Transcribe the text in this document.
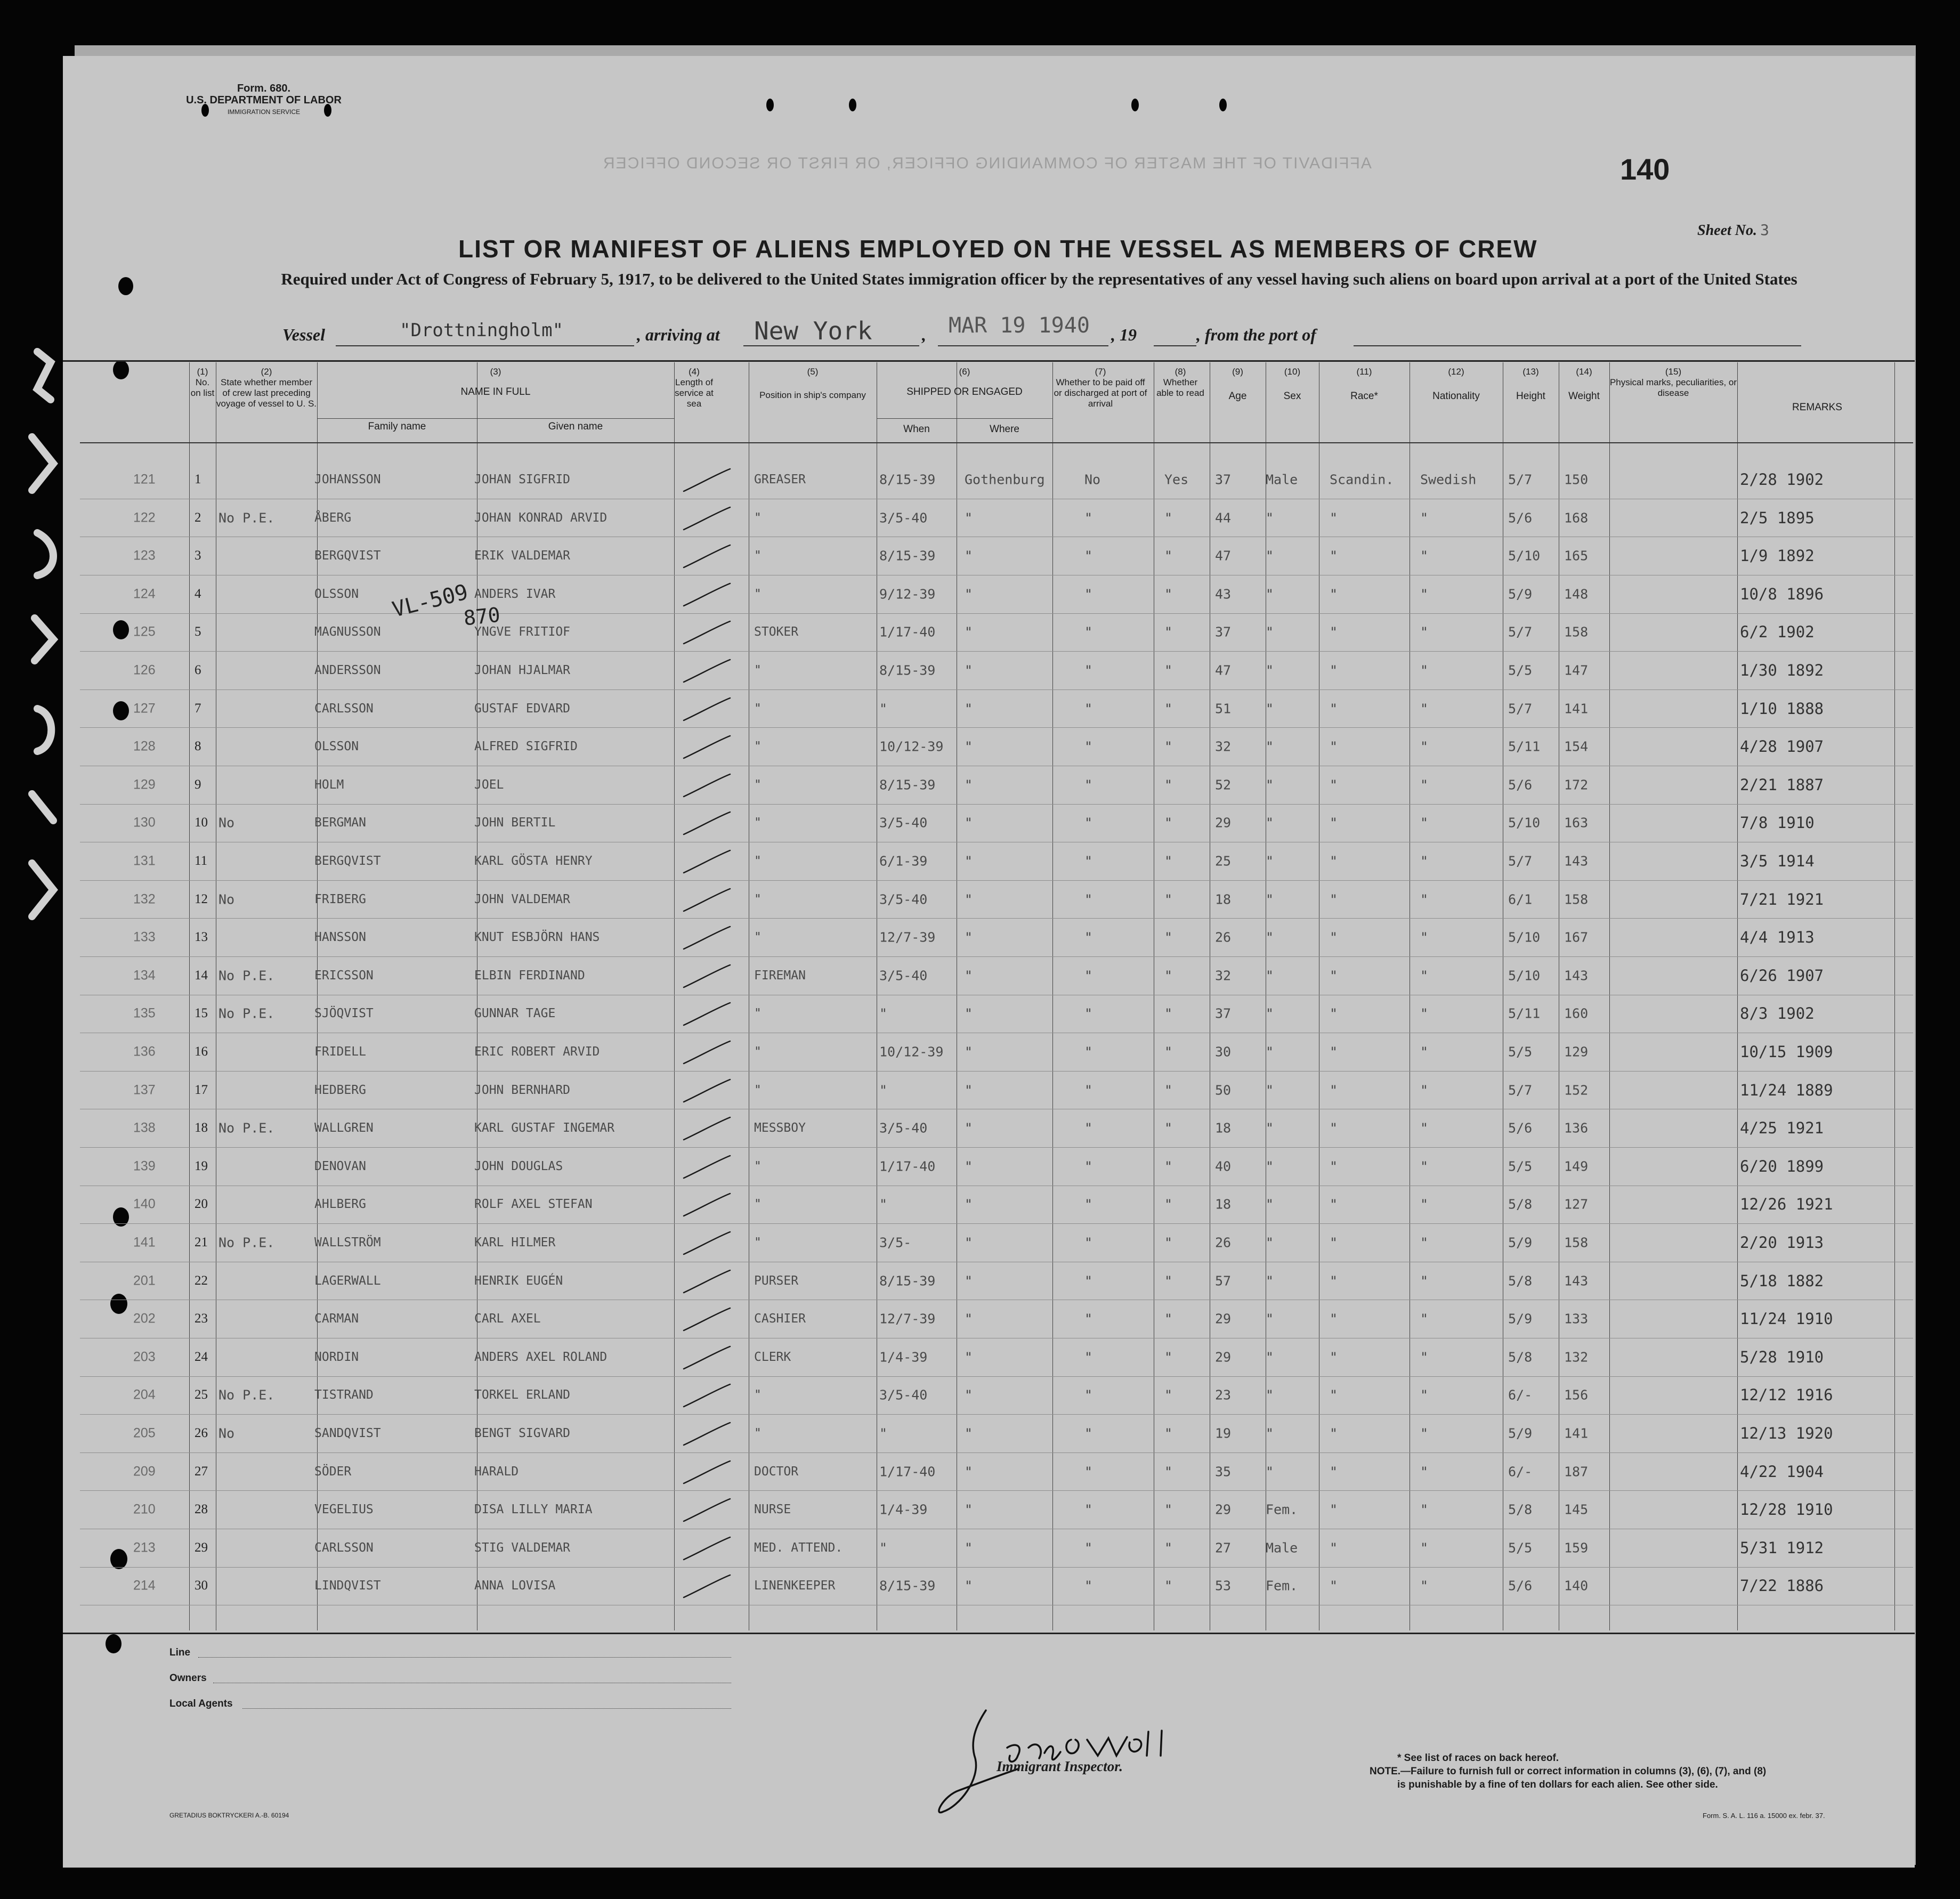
Form. 680.
U.S. DEPARTMENT OF LABOR
IMMIGRATION SERVICE
AFFIDAVIT OF THE MASTER OF COMMANDING OFFICER, OR FIRST OR SECOND OFFICER	140
Sheet No. 3
LIST OR MANIFEST OF ALIENS EMPLOYED ON THE VESSEL AS MEMBERS OF CREW
Required under Act of Congress of February 5, 1917, to be delivered to the United States immigration officer by the representatives of any vessel having such aliens on board upon arrival at a port of the United States
Vessel	"Drottningholm"	, arriving at New York	, MAR 19 1940 , 19	, from the port of
(1)
No. on list
(2)
State whether member of crew last preceding voyage of vessel to U. S.
(3)
NAME IN FULL
Family name	Given name
(4)
Length of service at sea
(5)
Position in ship's company
(6)
SHIPPED OR ENGAGED
When	Where
(7)
Whether to be paid off or discharged at port of arrival
(8)
Whether able to read
(9)
Age
(10)
Sex
(11)
Race*
(12)
Nationality
(13)
Height
(14)
Weight
(15)
Physical marks, peculiarities, or disease
REMARKS
121	1	JOHANSSON	JOHAN SIGFRID	GREASER	8/15-39 Gothenburg	No	Yes 37	Male Scandin. Swedish 5/7 150	2/28 1902
122	2 No P.E.	ÅBERG	JOHAN KONRAD ARVID	"	3/5-40	"	"	"	44	"	"	"	5/6 168	2/5 1895
123	3	BERGQVIST	ERIK VALDEMAR	"	8/15-39 "	"	"	47	"	"	"	5/10 165	1/9 1892
124	4	OLSSON	ANDERS IVAR	"	9/12-39 "	"	"	43	"	"	"	5/9 148	10/8 1896
125	5	MAGNUSSON	YNGVE FRITIOF	STOKER	1/17-40 "	"	"	37	"	"	"	5/7 158	6/2 1902
126	6	ANDERSSON	JOHAN HJALMAR	"	8/15-39 "	"	"	47	"	"	"	5/5 147	1/30 1892
127	7	CARLSSON	GUSTAF EDVARD	"	"	"	"	"	51	"	"	"	5/7 141	1/10 1888
128	8	OLSSON	ALFRED SIGFRID	"	10/12-39 "	"	"	32	"	"	"	5/11 154	4/28 1907
129	9	HOLM	JOEL	"	8/15-39 "	"	"	52	"	"	"	5/6 172	2/21 1887
130	10 No	BERGMAN	JOHN BERTIL	"	3/5-40	"	"	"	29	"	"	"	5/10 163	7/8 1910
131	11	BERGQVIST	KARL GÖSTA HENRY	"	6/1-39	"	"	"	25	"	"	"	5/7 143	3/5 1914
132	12 No	FRIBERG	JOHN VALDEMAR	"	3/5-40	"	"	"	18	"	"	"	6/1 158	7/21 1921
133	13	HANSSON	KNUT ESBJÖRN HANS	"	12/7-39 "	"	"	26	"	"	"	5/10 167	4/4 1913
134	14 No P.E.	ERICSSON	ELBIN FERDINAND	FIREMAN	3/5-40	"	"	"	32	"	"	"	5/10 143	6/26 1907
135	15 No P.E.	SJÖQVIST	GUNNAR TAGE	"	"	"	"	"	37	"	"	"	5/11 160	8/3 1902
136	16	FRIDELL	ERIC ROBERT ARVID	"	10/12-39 "	"	"	30	"	"	"	5/5 129	10/15 1909
137	17	HEDBERG	JOHN BERNHARD	"	"	"	"	"	50	"	"	"	5/7 152	11/24 1889
138	18 No P.E.	WALLGREN	KARL GUSTAF INGEMAR	MESSBOY	3/5-40	"	"	"	18	"	"	"	5/6 136	4/25 1921
139	19	DENOVAN	JOHN DOUGLAS	"	1/17-40 "	"	"	40	"	"	"	5/5 149	6/20 1899
140	20	AHLBERG	ROLF AXEL STEFAN	"	"	"	"	"	18	"	"	"	5/8 127	12/26 1921
141	21 No P.E.	WALLSTRÖM	KARL HILMER	"	3/5-	"	"	"	26	"	"	"	5/9 158	2/20 1913
201	22	LAGERWALL	HENRIK EUGÉN	PURSER	8/15-39 "	"	"	57	"	"	"	5/8 143	5/18 1882
202	23	CARMAN	CARL AXEL	CASHIER	12/7-39 "	"	"	29	"	"	"	5/9 133	11/24 1910
203	24	NORDIN	ANDERS AXEL ROLAND	CLERK	1/4-39	"	"	"	29	"	"	"	5/8 132	5/28 1910
204	25 No P.E.	TISTRAND	TORKEL ERLAND	"	3/5-40	"	"	"	23	"	"	"	6/- 156	12/12 1916
205	26 No	SANDQVIST	BENGT SIGVARD	"	"	"	"	"	19	"	"	"	5/9 141	12/13 1920
209	27	SÖDER	HARALD	DOCTOR	1/17-40 "	"	"	35	"	"	"	6/- 187	4/22 1904
210	28	VEGELIUS	DISA LILLY MARIA	NURSE	1/4-39	"	"	"	29	Fem. "	"	5/8 145	12/28 1910
213	29	CARLSSON	STIG VALDEMAR	MED. ATTEND.	"	"	"	"	27	Male "	"	5/5 159	5/31 1912
214	30	LINDQVIST	ANNA LOVISA	LINENKEEPER	8/15-39 "	"	"	53	Fem. "	"	5/6 140	7/22 1886
VL-509
870
Line
Owners
Local Agents
Immigrant Inspector.
* See list of races on back hereof.
NOTE.—Failure to furnish full or correct information in columns (3), (6), (7), and (8)
is punishable by a fine of ten dollars for each alien. See other side.
GRETADIUS BOKTRYCKERI A.-B. 60194	Form. S. A. L. 116 a. 15000 ex. febr. 37.
